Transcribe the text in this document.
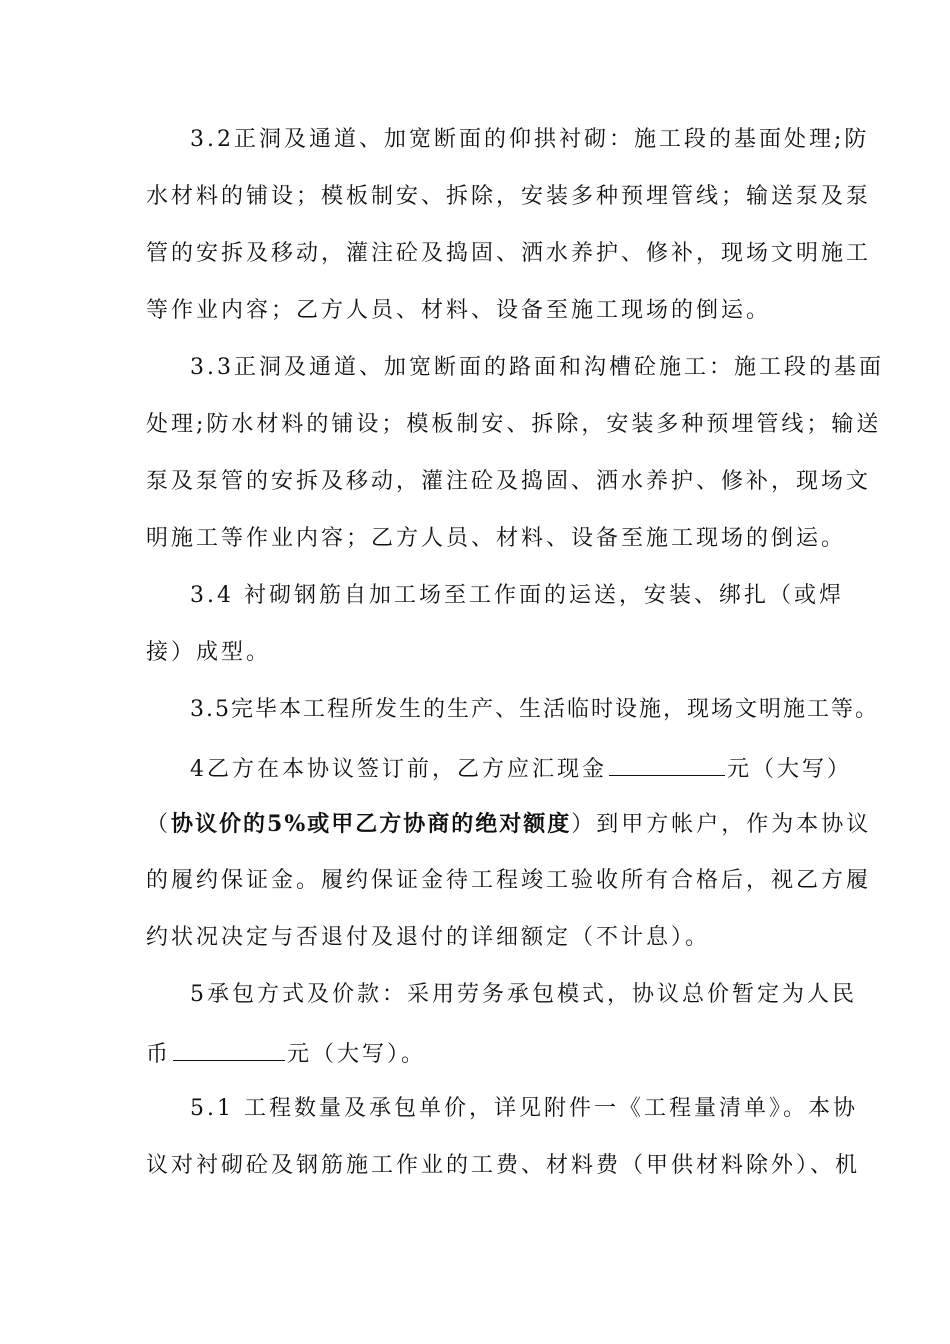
3.2正洞及通道、加宽断面的仰拱衬砌：施工段的基面处理;防
水材料的铺设；模板制安、拆除，安装多种预埋管线；输送泵及泵
管的安拆及移动，灌注砼及捣固、洒水养护、修补，现场文明施工
等作业内容；乙方人员、材料、设备至施工现场的倒运。
3.3正洞及通道、加宽断面的路面和沟槽砼施工：施工段的基面
处理;防水材料的铺设；模板制安、拆除，安装多种预埋管线；输送
泵及泵管的安拆及移动，灌注砼及捣固、洒水养护、修补，现场文
明施工等作业内容；乙方人员、材料、设备至施工现场的倒运。
3.4 衬砌钢筋自加工场至工作面的运送，安装、绑扎（或焊
接）成型。
3.5完毕本工程所发生的生产、生活临时设施，现场文明施工等。
4乙方在本协议签订前，乙方应汇现金	元（大写）
（协议价的5%或甲乙方协商的绝对额度）到甲方帐户，作为本协议
的履约保证金。履约保证金待工程竣工验收所有合格后，视乙方履
约状况决定与否退付及退付的详细额定（不计息）。
5承包方式及价款：采用劳务承包模式，协议总价暂定为人民
币	元（大写）。
5.1 工程数量及承包单价，详见附件一《工程量清单》。本协
议对衬砌砼及钢筋施工作业的工费、材料费（甲供材料除外）、机
